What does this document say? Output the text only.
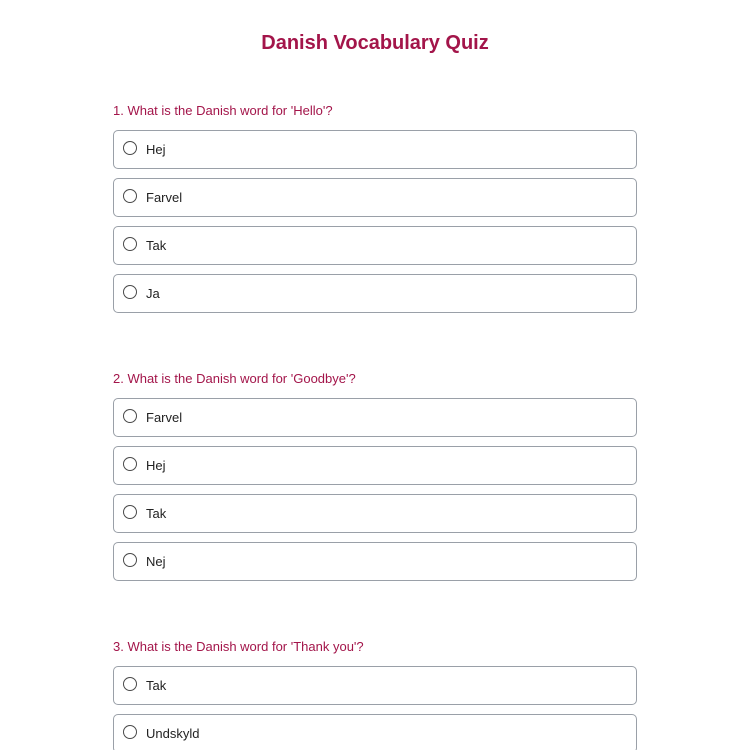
Danish Vocabulary Quiz
1. What is the Danish word for 'Hello'?
Hej
Farvel
Tak
Ja
2. What is the Danish word for 'Goodbye'?
Farvel
Hej
Tak
Nej
3. What is the Danish word for 'Thank you'?
Tak
Undskyld
